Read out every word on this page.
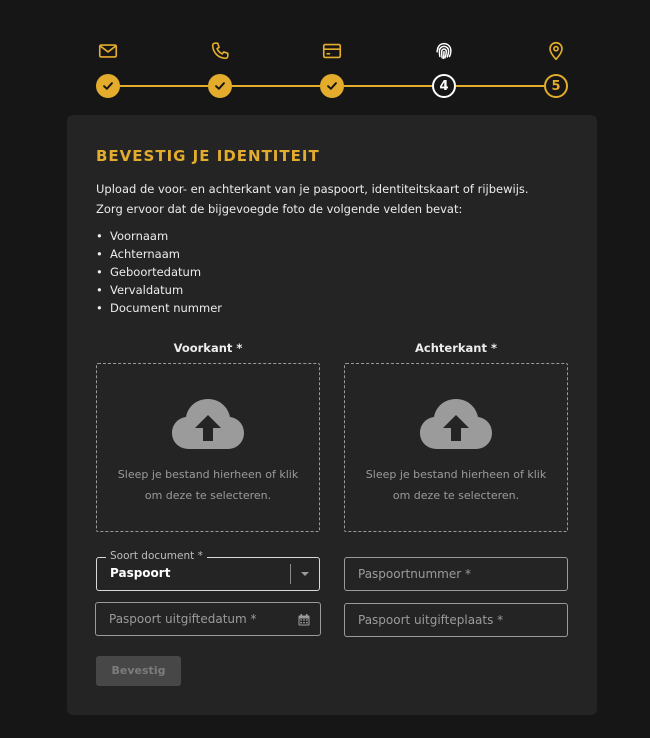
4	5
BEVESTIG JE IDENTITEIT
Upload de voor- en achterkant van je paspoort, identiteitskaart of rijbewijs. Zorg ervoor dat de bijgevoegde foto de volgende velden bevat:
• Voornaam
• Achternaam
• Geboortedatum
• Vervaldatum
• Document nummer
Voorkant *
Sleep je bestand hierheen of klik om deze te selecteren.
Achterkant *
Sleep je bestand hierheen of klik om deze te selecteren.
Soort document *
Paspoort	Paspoortnummer *
Paspoort uitgiftedatum *	Paspoort uitgifteplaats *
Bevestig
